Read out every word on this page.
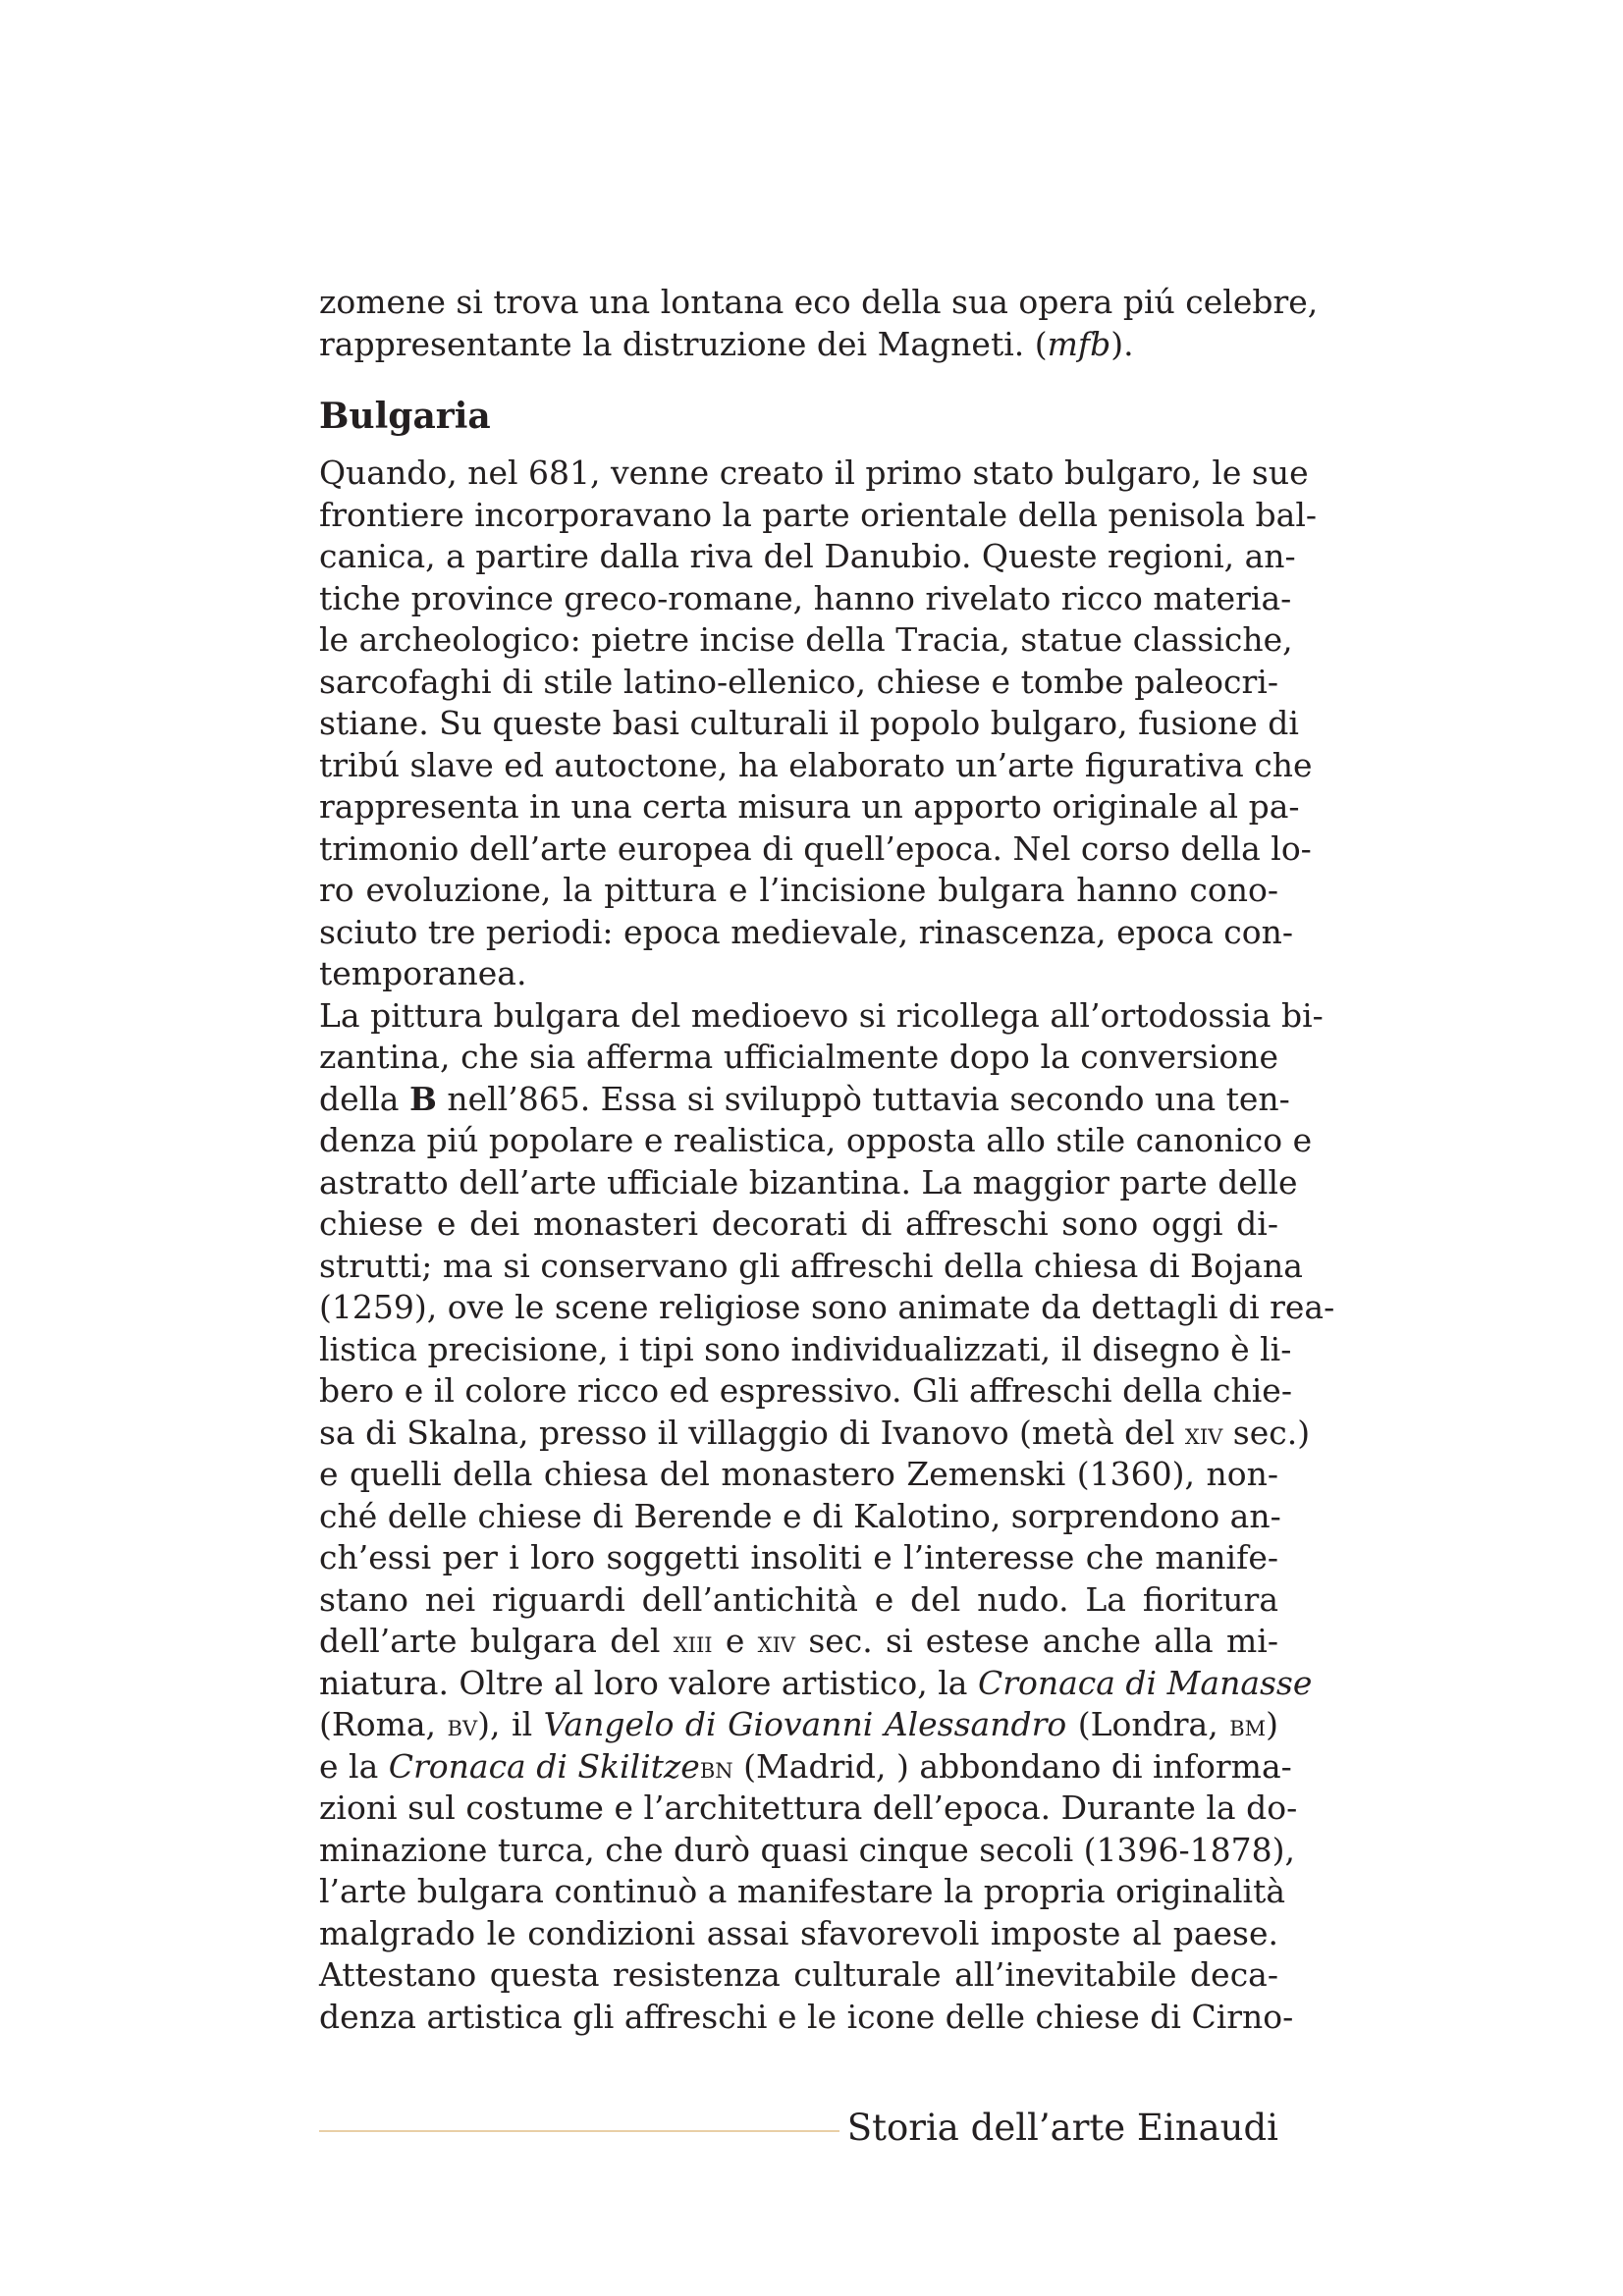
zomene si trova una lontana eco della sua opera piú celebre,
rappresentante la distruzione dei Magneti. (mfb).
Bulgaria
Quando, nel 681, venne creato il primo stato bulgaro, le sue
frontiere incorporavano la parte orientale della penisola bal-
canica, a partire dalla riva del Danubio. Queste regioni, an-
tiche province greco-romane, hanno rivelato ricco materia-
le archeologico: pietre incise della Tracia, statue classiche,
sarcofaghi di stile latino-ellenico, chiese e tombe paleocri-
stiane. Su queste basi culturali il popolo bulgaro, fusione di
tribú slave ed autoctone, ha elaborato un’arte figurativa che
rappresenta in una certa misura un apporto originale al pa-
trimonio dell’arte europea di quell’epoca. Nel corso della lo-
ro evoluzione, la pittura e l’incisione bulgara hanno cono-
sciuto tre periodi: epoca medievale, rinascenza, epoca con-
temporanea.
La pittura bulgara del medioevo si ricollega all’ortodossia bi-
zantina, che sia afferma ufficialmente dopo la conversione
della B nell’865. Essa si sviluppò tuttavia secondo una ten-
denza piú popolare e realistica, opposta allo stile canonico e
astratto dell’arte ufficiale bizantina. La maggior parte delle
chiese e dei monasteri decorati di affreschi sono oggi di-
strutti; ma si conservano gli affreschi della chiesa di Bojana
(1259), ove le scene religiose sono animate da dettagli di rea-
listica precisione, i tipi sono individualizzati, il disegno è li-
bero e il colore ricco ed espressivo. Gli affreschi della chie-
sa di Skalna, presso il villaggio di Ivanovo (metà del xiv sec.)
e quelli della chiesa del monastero Zemenski (1360), non-
ché delle chiese di Berende e di Kalotino, sorprendono an-
ch’essi per i loro soggetti insoliti e l’interesse che manife-
stano nei riguardi dell’antichità e del nudo. La fioritura
dell’arte bulgara del xiii e xiv sec. si estese anche alla mi-
niatura. Oltre al loro valore artistico, la Cronaca di Manasse
(Roma, bv), il Vangelo di Giovanni Alessandro (Londra, bm)
e la Cronaca di Skilitzebn (Madrid, ) abbondano di informa-
zioni sul costume e l’architettura dell’epoca. Durante la do-
minazione turca, che durò quasi cinque secoli (1396-1878),
l’arte bulgara continuò a manifestare la propria originalità
malgrado le condizioni assai sfavorevoli imposte al paese.
Attestano questa resistenza culturale all’inevitabile deca-
denza artistica gli affreschi e le icone delle chiese di Cirno-
Storia dell’arte Einaudi
